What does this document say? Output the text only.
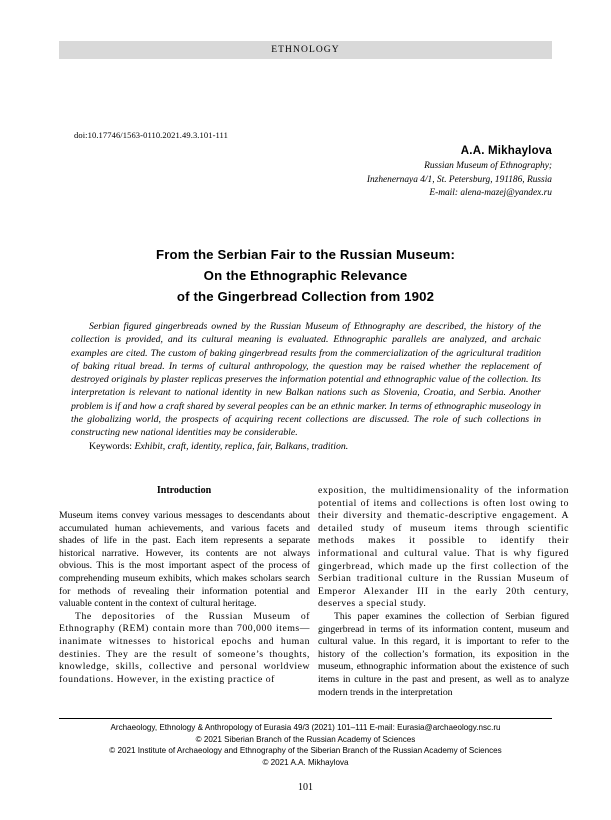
ETHNOLOGY
doi:10.17746/1563-0110.2021.49.3.101-111
A.A. Mikhaylova
Russian Museum of Ethnography;
Inzhenernaya 4/1, St. Petersburg, 191186, Russia
E-mail: alena-mazej@yandex.ru
From the Serbian Fair to the Russian Museum:
On the Ethnographic Relevance
of the Gingerbread Collection from 1902
Serbian figured gingerbreads owned by the Russian Museum of Ethnography are described, the history of the collection is provided, and its cultural meaning is evaluated. Ethnographic parallels are analyzed, and archaic examples are cited. The custom of baking gingerbread results from the commercialization of the agricultural tradition of baking ritual bread. In terms of cultural anthropology, the question may be raised whether the replacement of destroyed originals by plaster replicas preserves the information potential and ethnographic value of the collection. Its interpretation is relevant to national identity in new Balkan nations such as Slovenia, Croatia, and Serbia. Another problem is if and how a craft shared by several peoples can be an ethnic marker. In terms of ethnographic museology in the globalizing world, the prospects of acquiring recent collections are discussed. The role of such collections in constructing new national identities may be considerable.
Keywords: Exhibit, craft, identity, replica, fair, Balkans, tradition.
Introduction

Museum items convey various messages to descendants about accumulated human achievements, and various facets and shades of life in the past. Each item represents a separate historical narrative. However, its contents are not always obvious. This is the most important aspect of the process of comprehending museum exhibits, which makes scholars search for methods of revealing their information potential and valuable content in the context of cultural heritage.

The depositories of the Russian Museum of Ethnography (REM) contain more than 700,000 items—inanimate witnesses to historical epochs and human destinies. They are the result of someone’s thoughts, knowledge, skills, collective and personal worldview foundations. However, in the existing practice of

exposition, the multidimensionality of the information potential of items and collections is often lost owing to their diversity and thematic-descriptive engagement. A detailed study of museum items through scientific methods makes it possible to identify their informational and cultural value. That is why figured gingerbread, which made up the first collection of the Serbian traditional culture in the Russian Museum of Emperor Alexander III in the early 20th century, deserves a special study.

This paper examines the collection of Serbian figured gingerbread in terms of its information content, museum and cultural value. In this regard, it is important to refer to the history of the collection’s formation, its exposition in the museum, ethnographic information about the existence of such items in culture in the past and present, as well as to analyze modern trends in the interpretation

Archaeology, Ethnology & Anthropology of Eurasia 49/3 (2021) 101–111 E-mail: Eurasia@archaeology.nsc.ru
© 2021 Siberian Branch of the Russian Academy of Sciences
© 2021 Institute of Archaeology and Ethnography of the Siberian Branch of the Russian Academy of Sciences
© 2021 A.A. Mikhaylova
101
